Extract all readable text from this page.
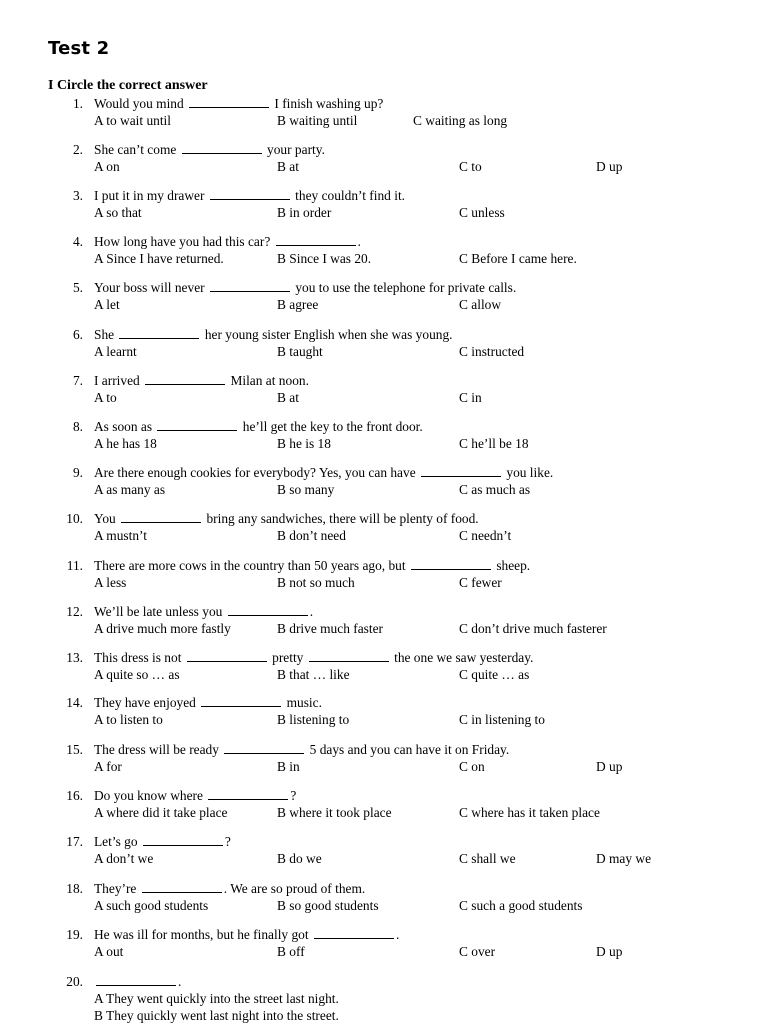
Test 2
I Circle the correct answer
1. Would you mind	I finish washing up?
A to wait until	B waiting until	C waiting as long
2. She can’t come	your party.
A on	B at	C to	D up
3. I put it in my drawer	they couldn’t find it.
A so that	B in order	C unless
4. How long have you had this car?	.
A Since I have returned.	B Since I was 20.	C Before I came here.
5. Your boss will never	you to use the telephone for private calls.
A let	B agree	C allow
6. She	her young sister English when she was young.
A learnt	B taught	C instructed
7. I arrived	Milan at noon.
A to	B at	C in
8. As soon as	he’ll get the key to the front door.
A he has 18	B he is 18	C he’ll be 18
9. Are there enough cookies for everybody? Yes, you can have	you like.
A as many as	B so many	C as much as
10. You	bring any sandwiches, there will be plenty of food.
A mustn’t	B don’t need	C needn’t
11. There are more cows in the country than 50 years ago, but	sheep.
A less	B not so much	C fewer
12. We’ll be late unless you	.
A drive much more fastly	B drive much faster	C don’t drive much fasterer
13. This dress is not	pretty	the one we saw yesterday.
A quite so … as	B that … like	C quite … as
14. They have enjoyed	music.
A to listen to	B listening to	C in listening to
15. The dress will be ready	5 days and you can have it on Friday.
A for	B in	C on	D up
16. Do you know where	?
A where did it take place	B where it took place	C where has it taken place
17. Let’s go	?
A don’t we	B do we	C shall we	D may we
18. They’re	. We are so proud of them.
A such good students	B so good students	C such a good students
19. He was ill for months, but he finally got	.
A out	B off	C over	D up
20.	.
A They went quickly into the street last night.
B They quickly went last night into the street.
